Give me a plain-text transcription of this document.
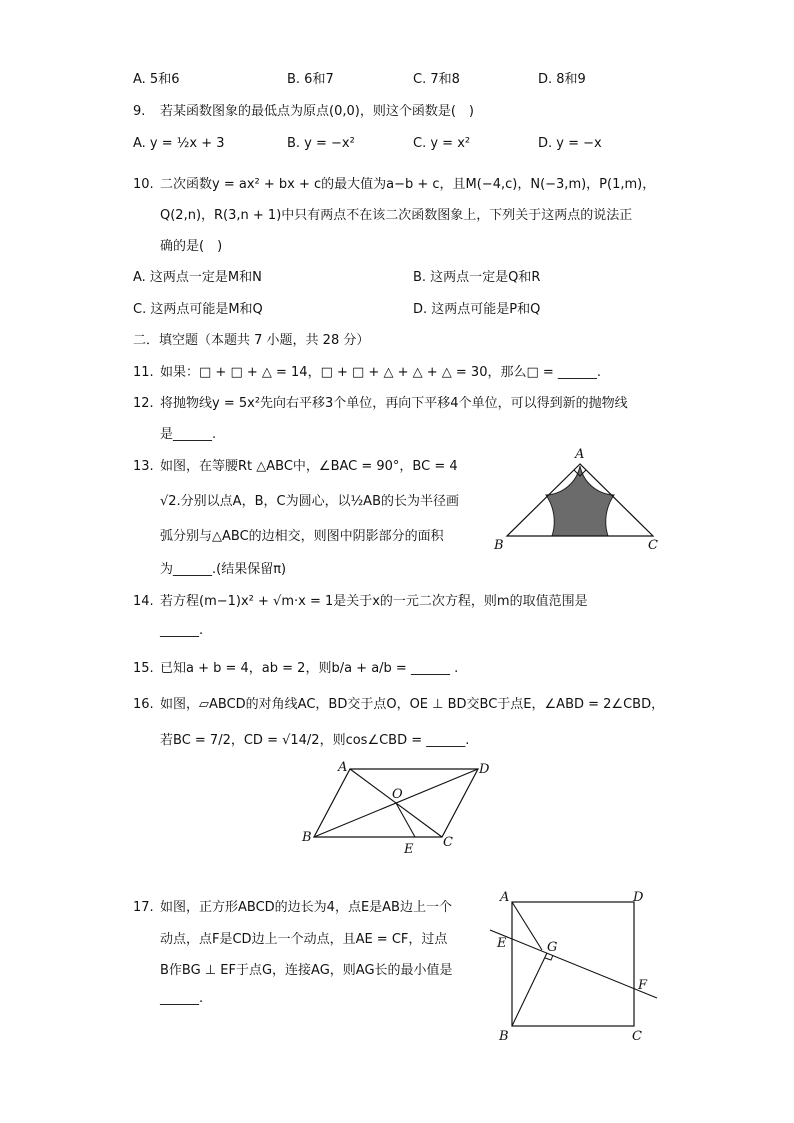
A. 5和6	B. 6和7	C. 7和8	D. 8和9
9. 若某函数图象的最低点为原点(0,0)，则这个函数是(　)
A. y = ½x + 3	B. y = −x²	C. y = x²	D. y = −x
10. 二次函数y = ax² + bx + c的最大值为a−b + c，且M(−4,c)，N(−3,m)，P(1,m)，
Q(2,n)，R(3,n + 1)中只有两点不在该二次函数图象上，下列关于这两点的说法正
确的是(　)
A. 这两点一定是M和N	B. 这两点一定是Q和R
C. 这两点可能是M和Q	D. 这两点可能是P和Q
二．填空题（本题共 7 小题，共 28 分）
11. 如果：□ + □ + △ = 14，□ + □ + △ + △ + △ = 30，那么□ = ______.
12. 将抛物线y = 5x²先向右平移3个单位，再向下平移4个单位，可以得到新的抛物线
是______.
13. 如图，在等腰Rt △ABC中，∠BAC = 90°，BC = 4
√2.分别以点A，B，C为圆心，以½AB的长为半径画
弧分别与△ABC的边相交，则图中阴影部分的面积
为______.(结果保留π)
A
B	C
14. 若方程(m−1)x² + √m·x = 1是关于x的一元二次方程，则m的取值范围是
______.
15. 已知a + b = 4，ab = 2，则b/a + a/b = ______ .
16. 如图，▱ABCD的对角线AC，BD交于点O，OE ⊥ BD交BC于点E，∠ABD = 2∠CBD，
若BC = 7/2，CD = √14/2，则cos∠CBD = ______.
A	D
O
B	C
E
17. 如图，正方形ABCD的边长为4，点E是AB边上一个
动点，点F是CD边上一个动点，且AE = CF，过点
B作BG ⊥ EF于点G，连接AG，则AG长的最小值是
______.
A	D
E	G
F
B	C
